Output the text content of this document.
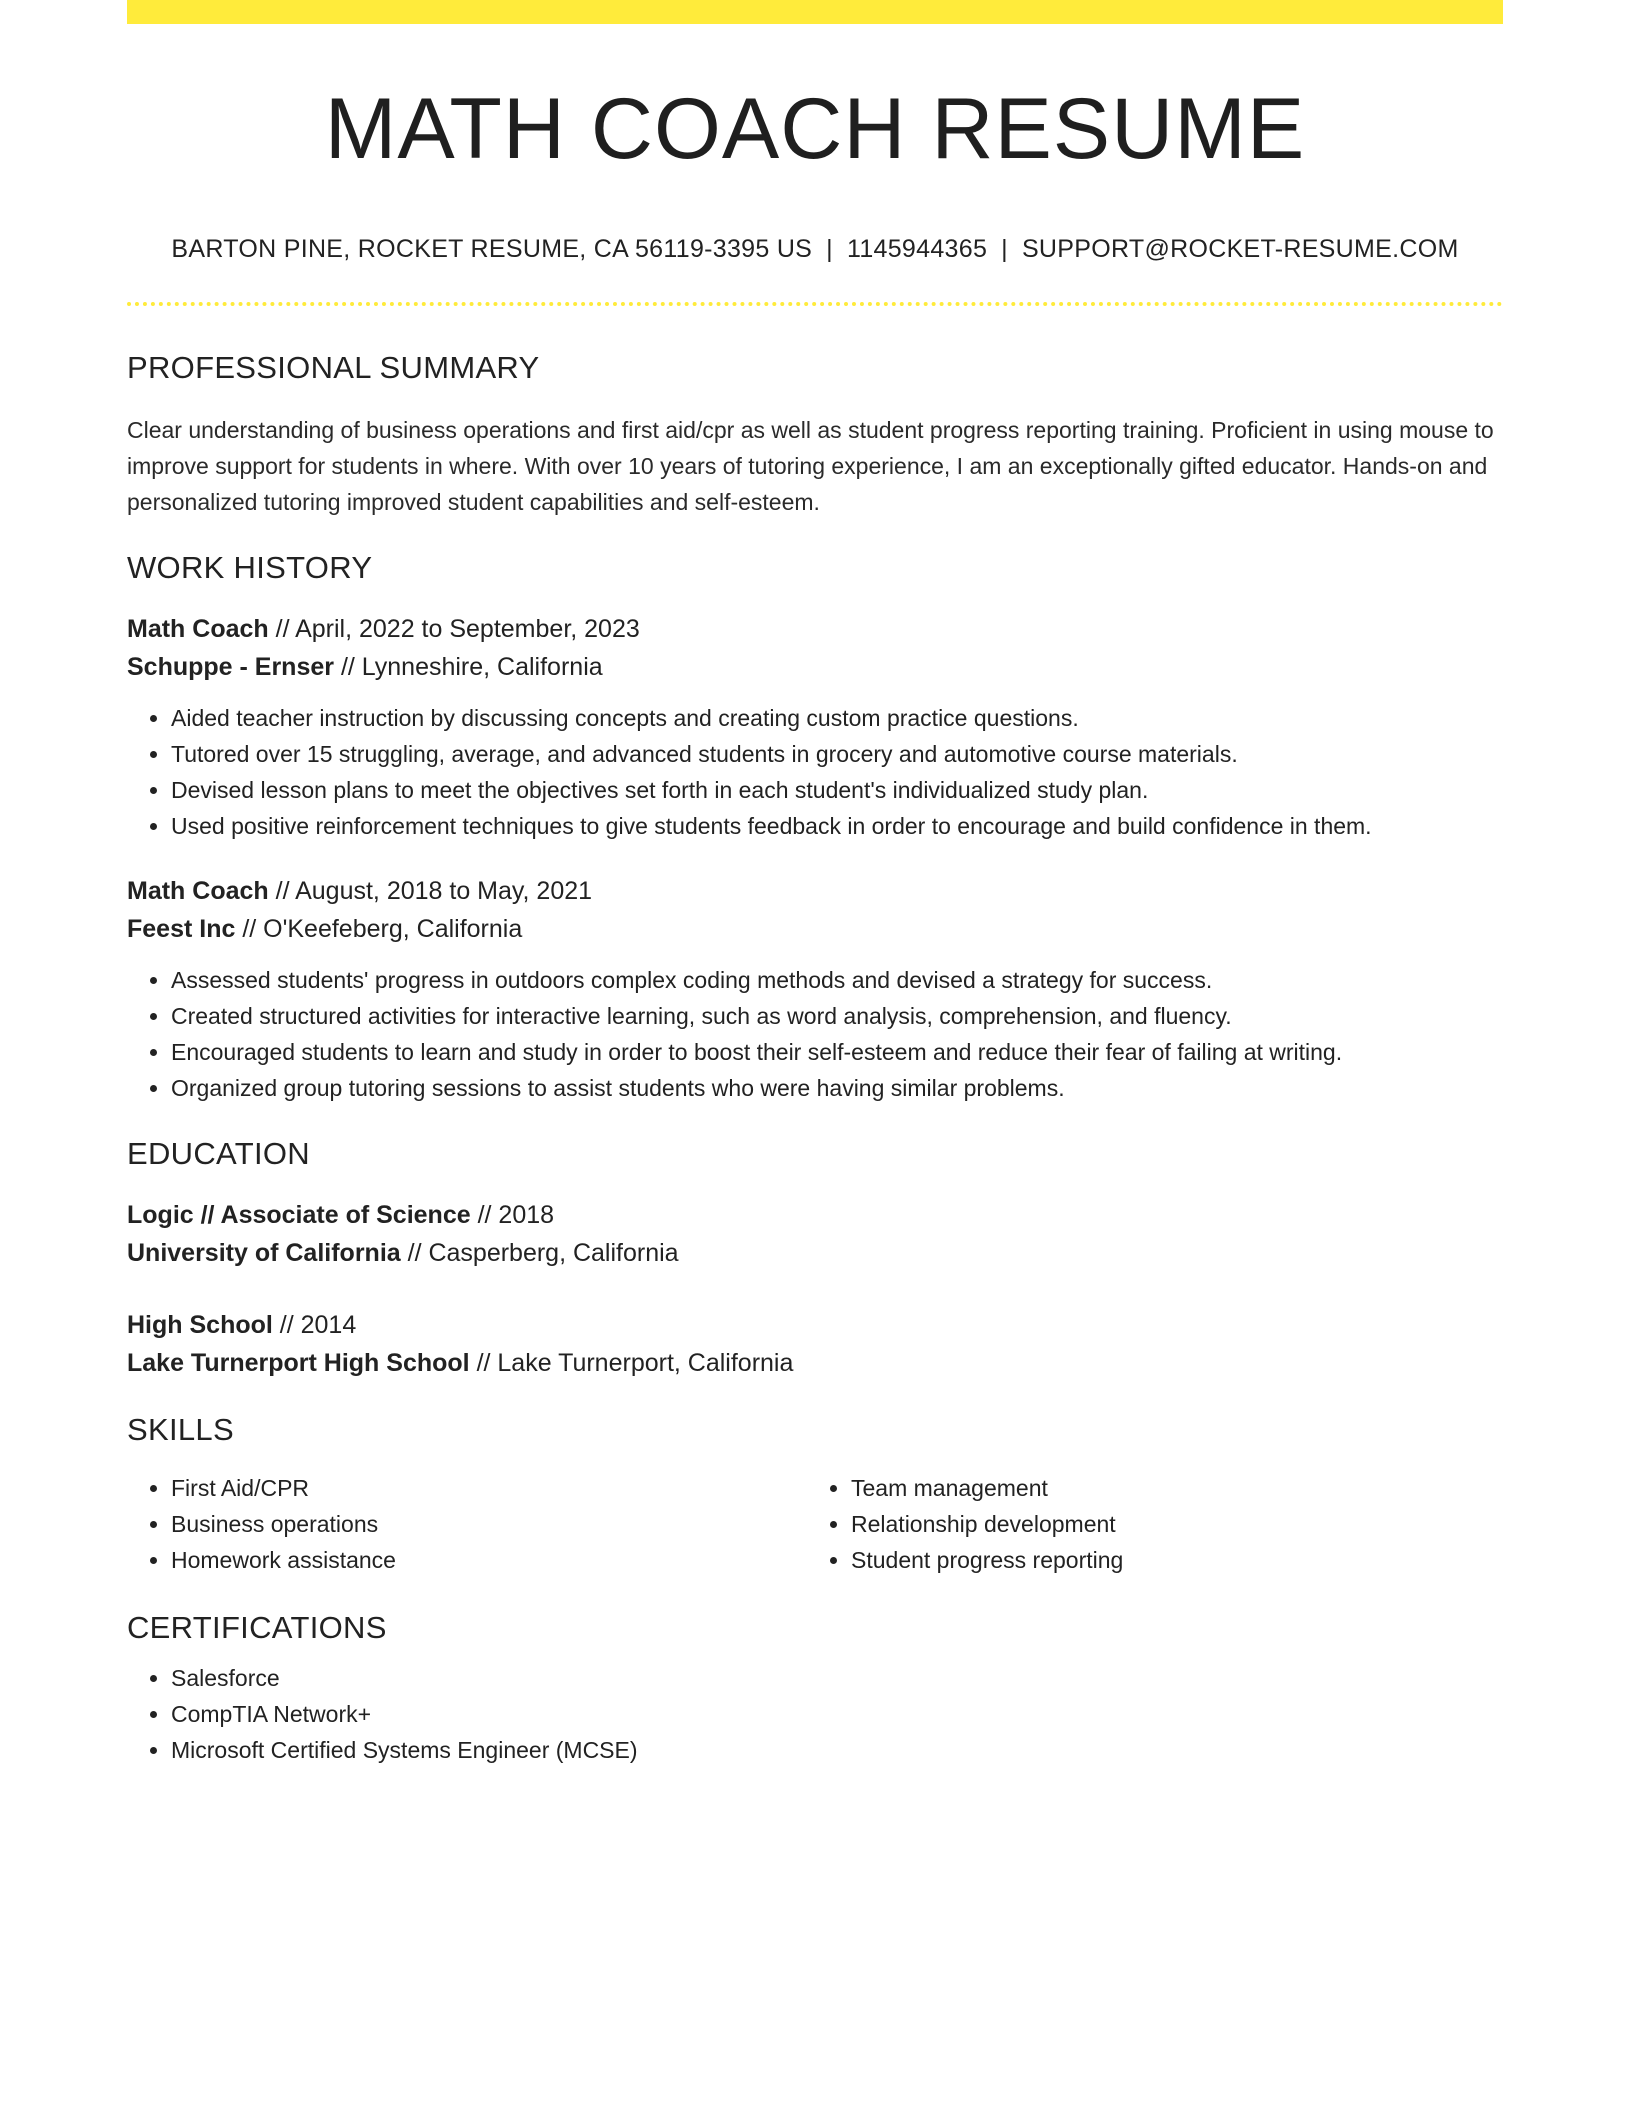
MATH COACH RESUME
BARTON PINE, ROCKET RESUME, CA 56119-3395 US | 1145944365 | SUPPORT@ROCKET-RESUME.COM
PROFESSIONAL SUMMARY
Clear understanding of business operations and first aid/cpr as well as student progress reporting training. Proficient in using mouse to improve support for students in where. With over 10 years of tutoring experience, I am an exceptionally gifted educator. Hands-on and personalized tutoring improved student capabilities and self-esteem.
WORK HISTORY
Math Coach // April, 2022 to September, 2023
Schuppe - Ernser // Lynneshire, California
• Aided teacher instruction by discussing concepts and creating custom practice questions.
• Tutored over 15 struggling, average, and advanced students in grocery and automotive course materials.
• Devised lesson plans to meet the objectives set forth in each student's individualized study plan.
• Used positive reinforcement techniques to give students feedback in order to encourage and build confidence in them.
Math Coach // August, 2018 to May, 2021
Feest Inc // O'Keefeberg, California
• Assessed students' progress in outdoors complex coding methods and devised a strategy for success.
• Created structured activities for interactive learning, such as word analysis, comprehension, and fluency.
• Encouraged students to learn and study in order to boost their self-esteem and reduce their fear of failing at writing.
• Organized group tutoring sessions to assist students who were having similar problems.
EDUCATION
Logic // Associate of Science // 2018
University of California // Casperberg, California
High School // 2014
Lake Turnerport High School // Lake Turnerport, California
SKILLS
• First Aid/CPR
• Business operations
• Homework assistance
• Team management
• Relationship development
• Student progress reporting
CERTIFICATIONS
• Salesforce
• CompTIA Network+
• Microsoft Certified Systems Engineer (MCSE)
